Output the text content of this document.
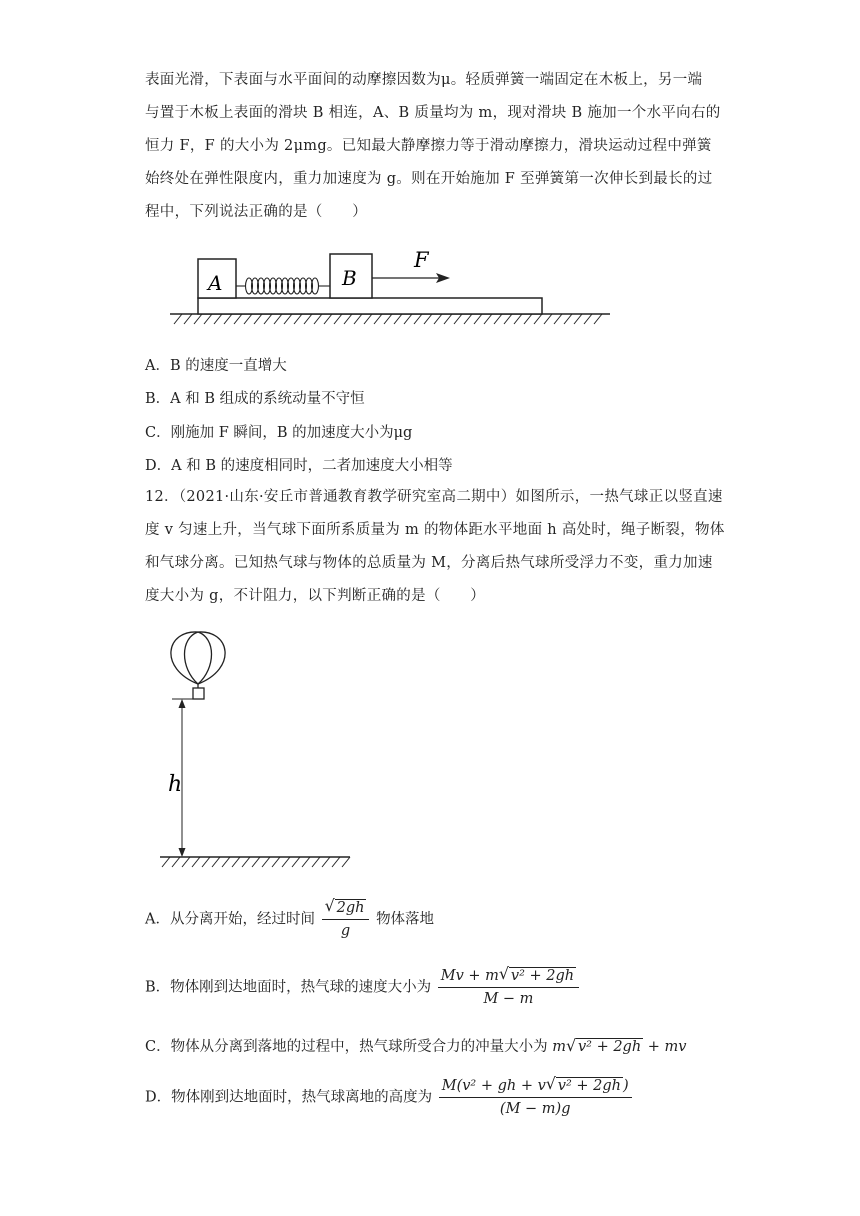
表面光滑，下表面与水平面间的动摩擦因数为μ。轻质弹簧一端固定在木板上，另一端
与置于木板上表面的滑块 B 相连，A、B 质量均为 m，现对滑块 B 施加一个水平向右的
恒力 F，F 的大小为 2μmg。已知最大静摩擦力等于滑动摩擦力，滑块运动过程中弹簧
始终处在弹性限度内，重力加速度为 g。则在开始施加 F 至弹簧第一次伸长到最长的过
程中，下列说法正确的是（　　）
A	B
F
A．B 的速度一直增大
B．A 和 B 组成的系统动量不守恒
C．刚施加 F 瞬间，B 的加速度大小为μg
D．A 和 B 的速度相同时，二者加速度大小相等
12．（2021·山东·安丘市普通教育教学研究室高二期中）如图所示，一热气球正以竖直速
度 v 匀速上升，当气球下面所系质量为 m 的物体距水平地面 h 高处时，绳子断裂，物体
和气球分离。已知热气球与物体的总质量为 M，分离后热气球所受浮力不变，重力加速
度大小为 g，不计阻力，以下判断正确的是（　　）
h
A．从分离开始，经过时间 $\frac{√ 2gh}{g}$ 物体落地
B．物体刚到达地面时，热气球的速度大小为 $\frac{\text{Mv + m √ v² + 2gh}}{M - m}$
C．物体从分离到落地的过程中，热气球所受合力的冲量大小为 m √ v² + 2gh + mv
D．物体刚到达地面时，热气球离地的高度为 $\frac{\text{M(v² + gh + v √ v² + 2gh )}}{(M - m)g}$
